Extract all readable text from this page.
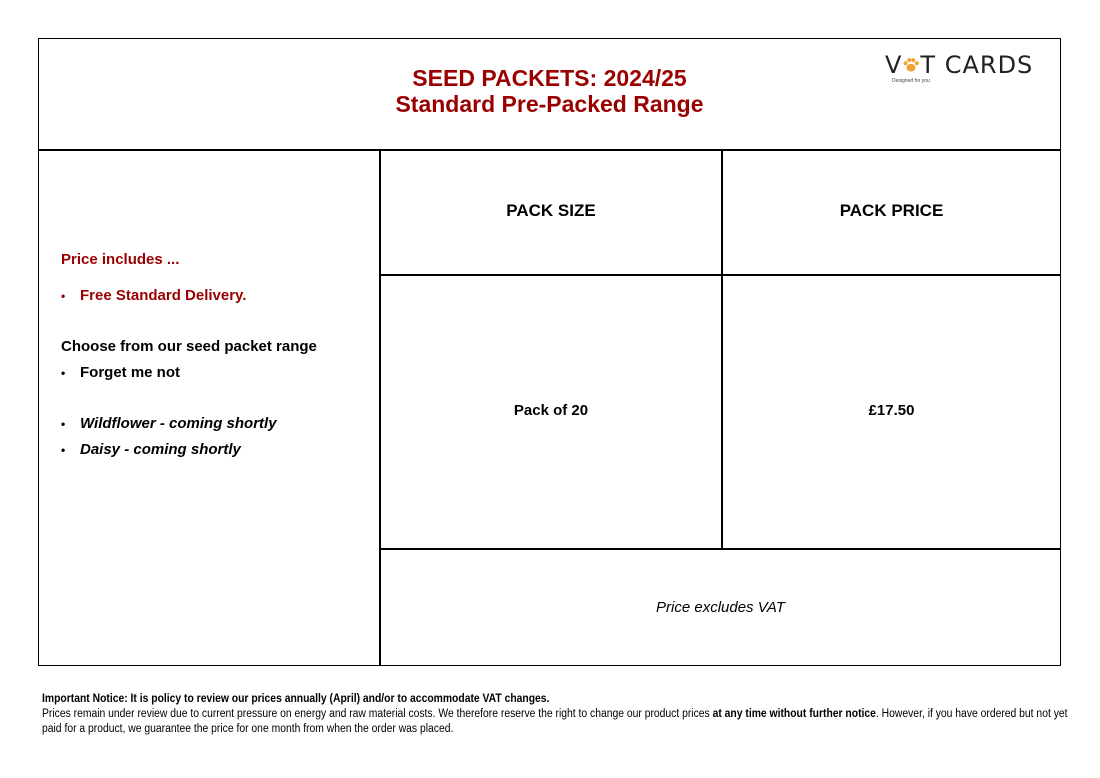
SEED PACKETS: 2024/25
Standard Pre-Packed Range
V T CARDS
Designed for you
Price includes ...
• Free Standard Delivery.
Choose from our seed packet range
• Forget me not
• Wildflower - coming shortly
• Daisy - coming shortly
PACK SIZE	PACK PRICE
Pack of 20	£17.50
Price excludes VAT
Important Notice: It is policy to review our prices annually (April) and/or to accommodate VAT changes.
Prices remain under review due to current pressure on energy and raw material costs. We therefore reserve the right to change our product prices at any time without further notice. However, if you have ordered but not yet paid for a product, we guarantee the price for one month from when the order was placed.
